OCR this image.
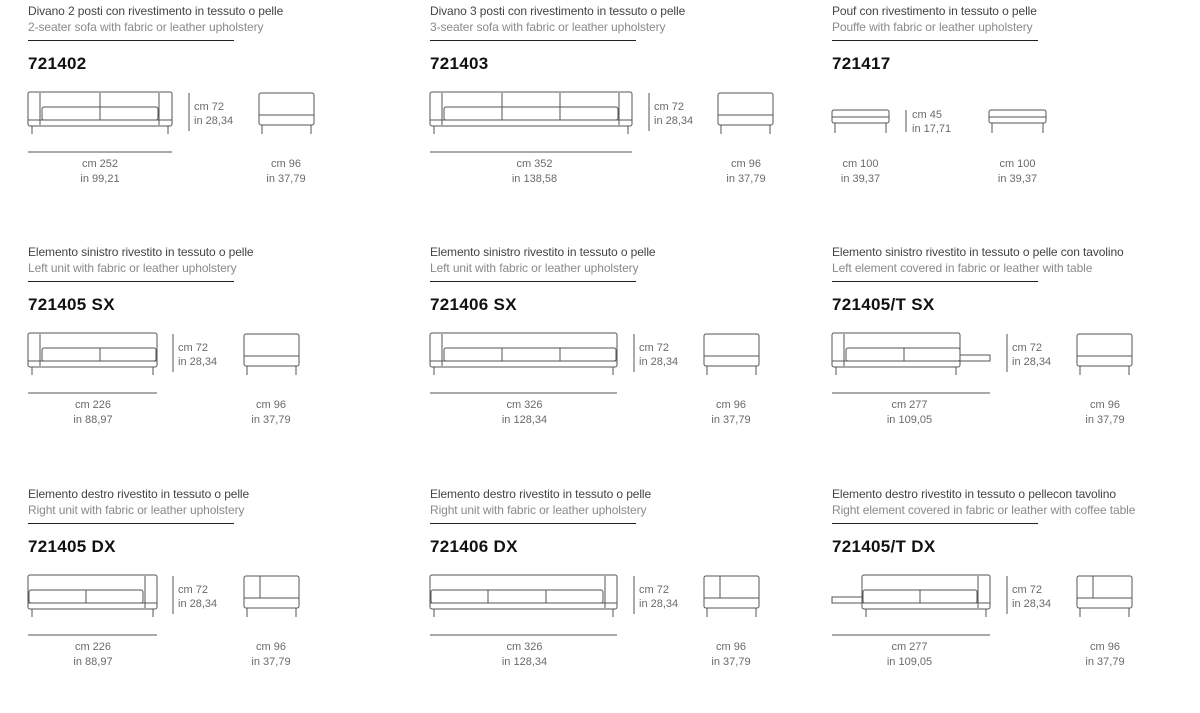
Divano 2 posti con rivestimento in tessuto o pelle
2-seater sofa with fabric or leather upholstery
721402
cm 252
in 99,21
cm 72
in 28,34
cm 96
in 37,79
Divano 3 posti con rivestimento in tessuto o pelle
3-seater sofa with fabric or leather upholstery
721403
cm 352
in 138,58
cm 72
in 28,34
cm 96
in 37,79
Pouf con rivestimento in tessuto o pelle
Pouffe with fabric or leather upholstery
721417
cm 100
in 39,37
cm 45
in 17,71
cm 100
in 39,37
Elemento sinistro rivestito in tessuto o pelle
Left unit with fabric or leather upholstery
721405 SX
cm 226
in 88,97
cm 72
in 28,34
cm 96
in 37,79
Elemento sinistro rivestito in tessuto o pelle
Left unit with fabric or leather upholstery
721406 SX
cm 326
in 128,34
cm 72
in 28,34
cm 96
in 37,79
Elemento sinistro rivestito in tessuto o pelle con tavolino
Left element covered in fabric or leather with table
721405/T SX
cm 277
in 109,05
cm 72
in 28,34
cm 96
in 37,79
Elemento destro rivestito in tessuto o pelle
Right unit with fabric or leather upholstery
721405 DX
cm 226
in 88,97
cm 72
in 28,34
cm 96
in 37,79
Elemento destro rivestito in tessuto o pelle
Right unit with fabric or leather upholstery
721406 DX
cm 326
in 128,34
cm 72
in 28,34
cm 96
in 37,79
Elemento destro rivestito in tessuto o pellecon tavolino
Right element covered in fabric or leather with coffee table
721405/T DX
cm 277
in 109,05
cm 72
in 28,34
cm 96
in 37,79
